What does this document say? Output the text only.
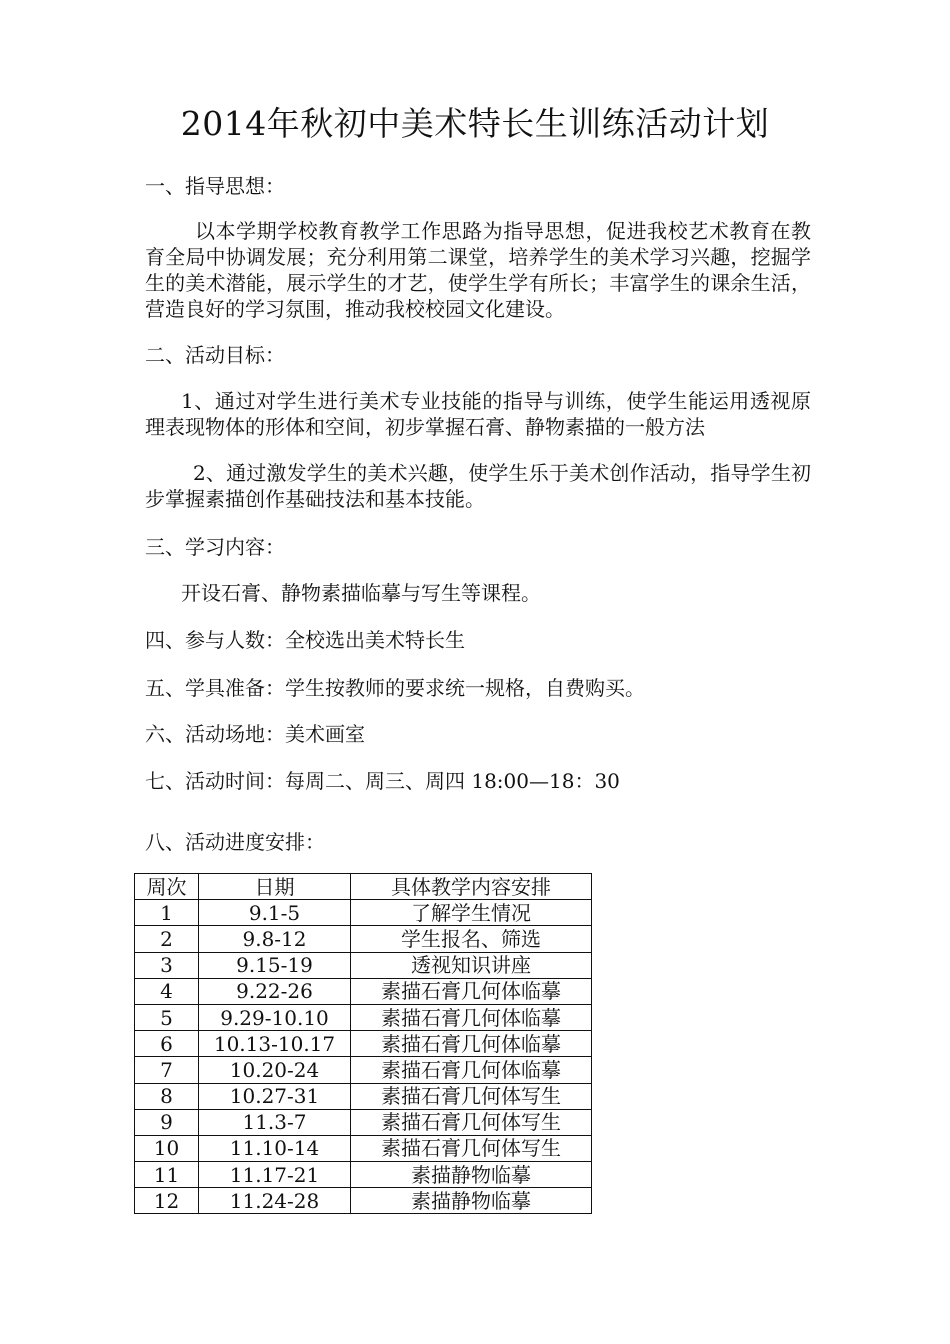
2014年秋初中美术特长生训练活动计划
一、指导思想：
以本学期学校教育教学工作思路为指导思想，促进我校艺术教育在教育全局中协调发展；充分利用第二课堂，培养学生的美术学习兴趣，挖掘学生的美术潜能，展示学生的才艺，使学生学有所长；丰富学生的课余生活，营造良好的学习氛围，推动我校校园文化建设。
二、活动目标：
1、通过对学生进行美术专业技能的指导与训练，使学生能运用透视原理表现物体的形体和空间，初步掌握石膏、静物素描的一般方法
2、通过激发学生的美术兴趣，使学生乐于美术创作活动，指导学生初步掌握素描创作基础技法和基本技能。
三、学习内容：
开设石膏、静物素描临摹与写生等课程。
四、参与人数：全校选出美术特长生
五、学具准备：学生按教师的要求统一规格，自费购买。
六、活动场地：美术画室
七、活动时间：每周二、周三、周四 18:00—18：30
八、活动进度安排：
周次	日期	具体教学内容安排
1	9.1-5	了解学生情况
2	9.8-12	学生报名、筛选
3	9.15-19	透视知识讲座
4	9.22-26	素描石膏几何体临摹
5	9.29-10.10	素描石膏几何体临摹
6	10.13-10.17	素描石膏几何体临摹
7	10.20-24	素描石膏几何体临摹
8	10.27-31	素描石膏几何体写生
9	11.3-7	素描石膏几何体写生
10	11.10-14	素描石膏几何体写生
11	11.17-21	素描静物临摹
12	11.24-28	素描静物临摹
